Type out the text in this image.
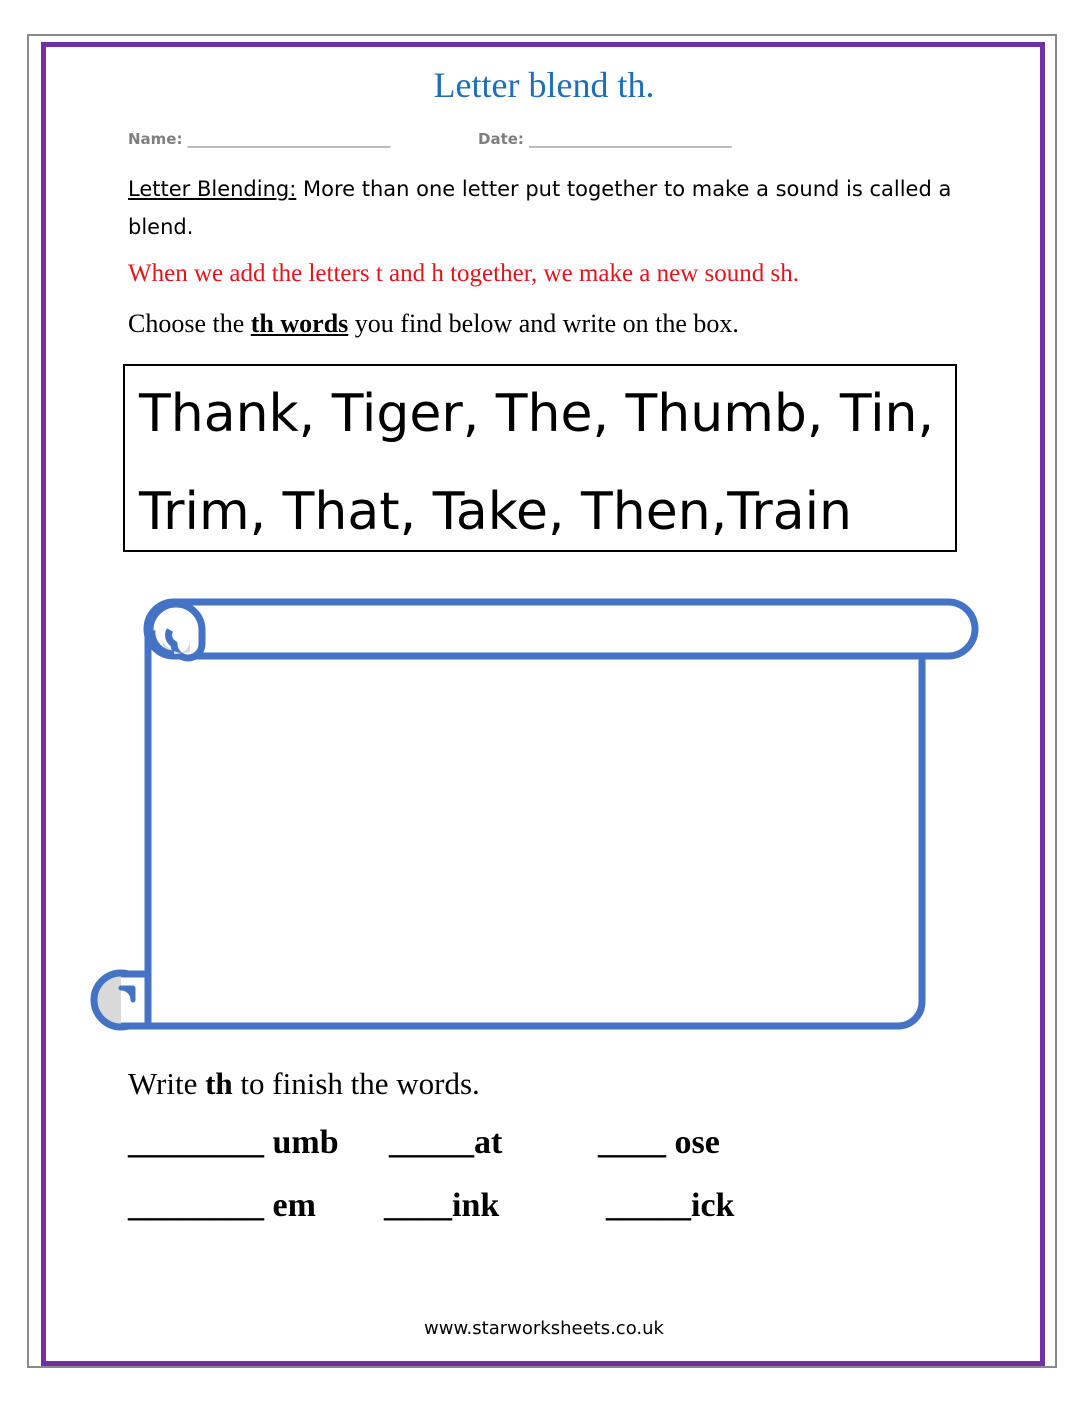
Letter blend th.
Name: ___________________________	Date: ___________________________
Letter Blending: More than one letter put together to make a sound is called a blend.
When we add the letters t and h together, we make a new sound sh.
Choose the th words you find below and write on the box.
Thank, Tiger, The, Thumb, Tin,
Trim, That, Take, Then,Train
Write th to finish the words.
________ umb _____at	____ ose
________ em ____ink	_____ick
www.starworksheets.co.uk
